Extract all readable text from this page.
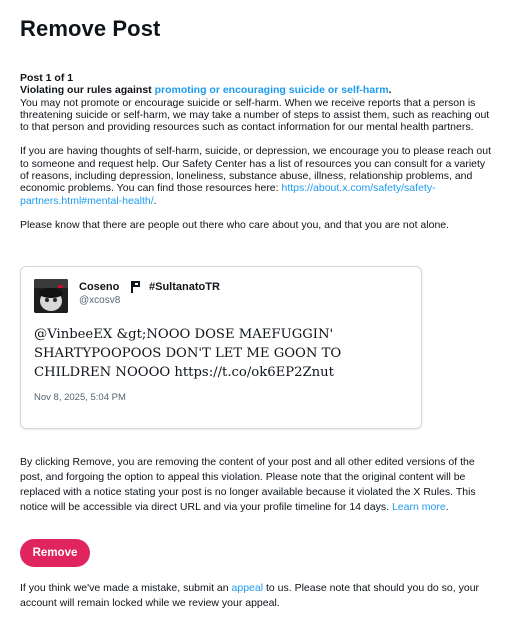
Remove Post

Post 1 of 1

Violating our rules against promoting or encouraging suicide or self-harm.

You may not promote or encourage suicide or self-harm. When we receive reports that a person is threatening suicide or self-harm, we may take a number of steps to assist them, such as reaching out to that person and providing resources such as contact information for our mental health partners.

If you are having thoughts of self-harm, suicide, or depression, we encourage you to please reach out to someone and request help. Our Safety Center has a list of resources you can consult for a variety of reasons, including depression, loneliness, substance abuse, illness, relationship problems, and economic problems. You can find those resources here: https://about.x.com/safety/safety-partners.html#mental-health/.

Please know that there are people out there who care about you, and that you are not alone.

Coseno	#SultanatoTR
@xcosv8
@VinbeeEX &gt;NOOO DOSE MAEFUGGIN' SHARTYPOOPOOS DON'T LET ME GOON TO CHILDREN NOOOO https://t.co/ok6EP2Znut
Nov 8, 2025, 5:04 PM
By clicking Remove, you are removing the content of your post and all other edited versions of the post, and forgoing the option to appeal this violation. Please note that the original content will be replaced with a notice stating your post is no longer available because it violated the X Rules. This notice will be accessible via direct URL and via your profile timeline for 14 days. Learn more.
Remove
If you think we've made a mistake, submit an appeal to us. Please note that should you do so, your account will remain locked while we review your appeal.
